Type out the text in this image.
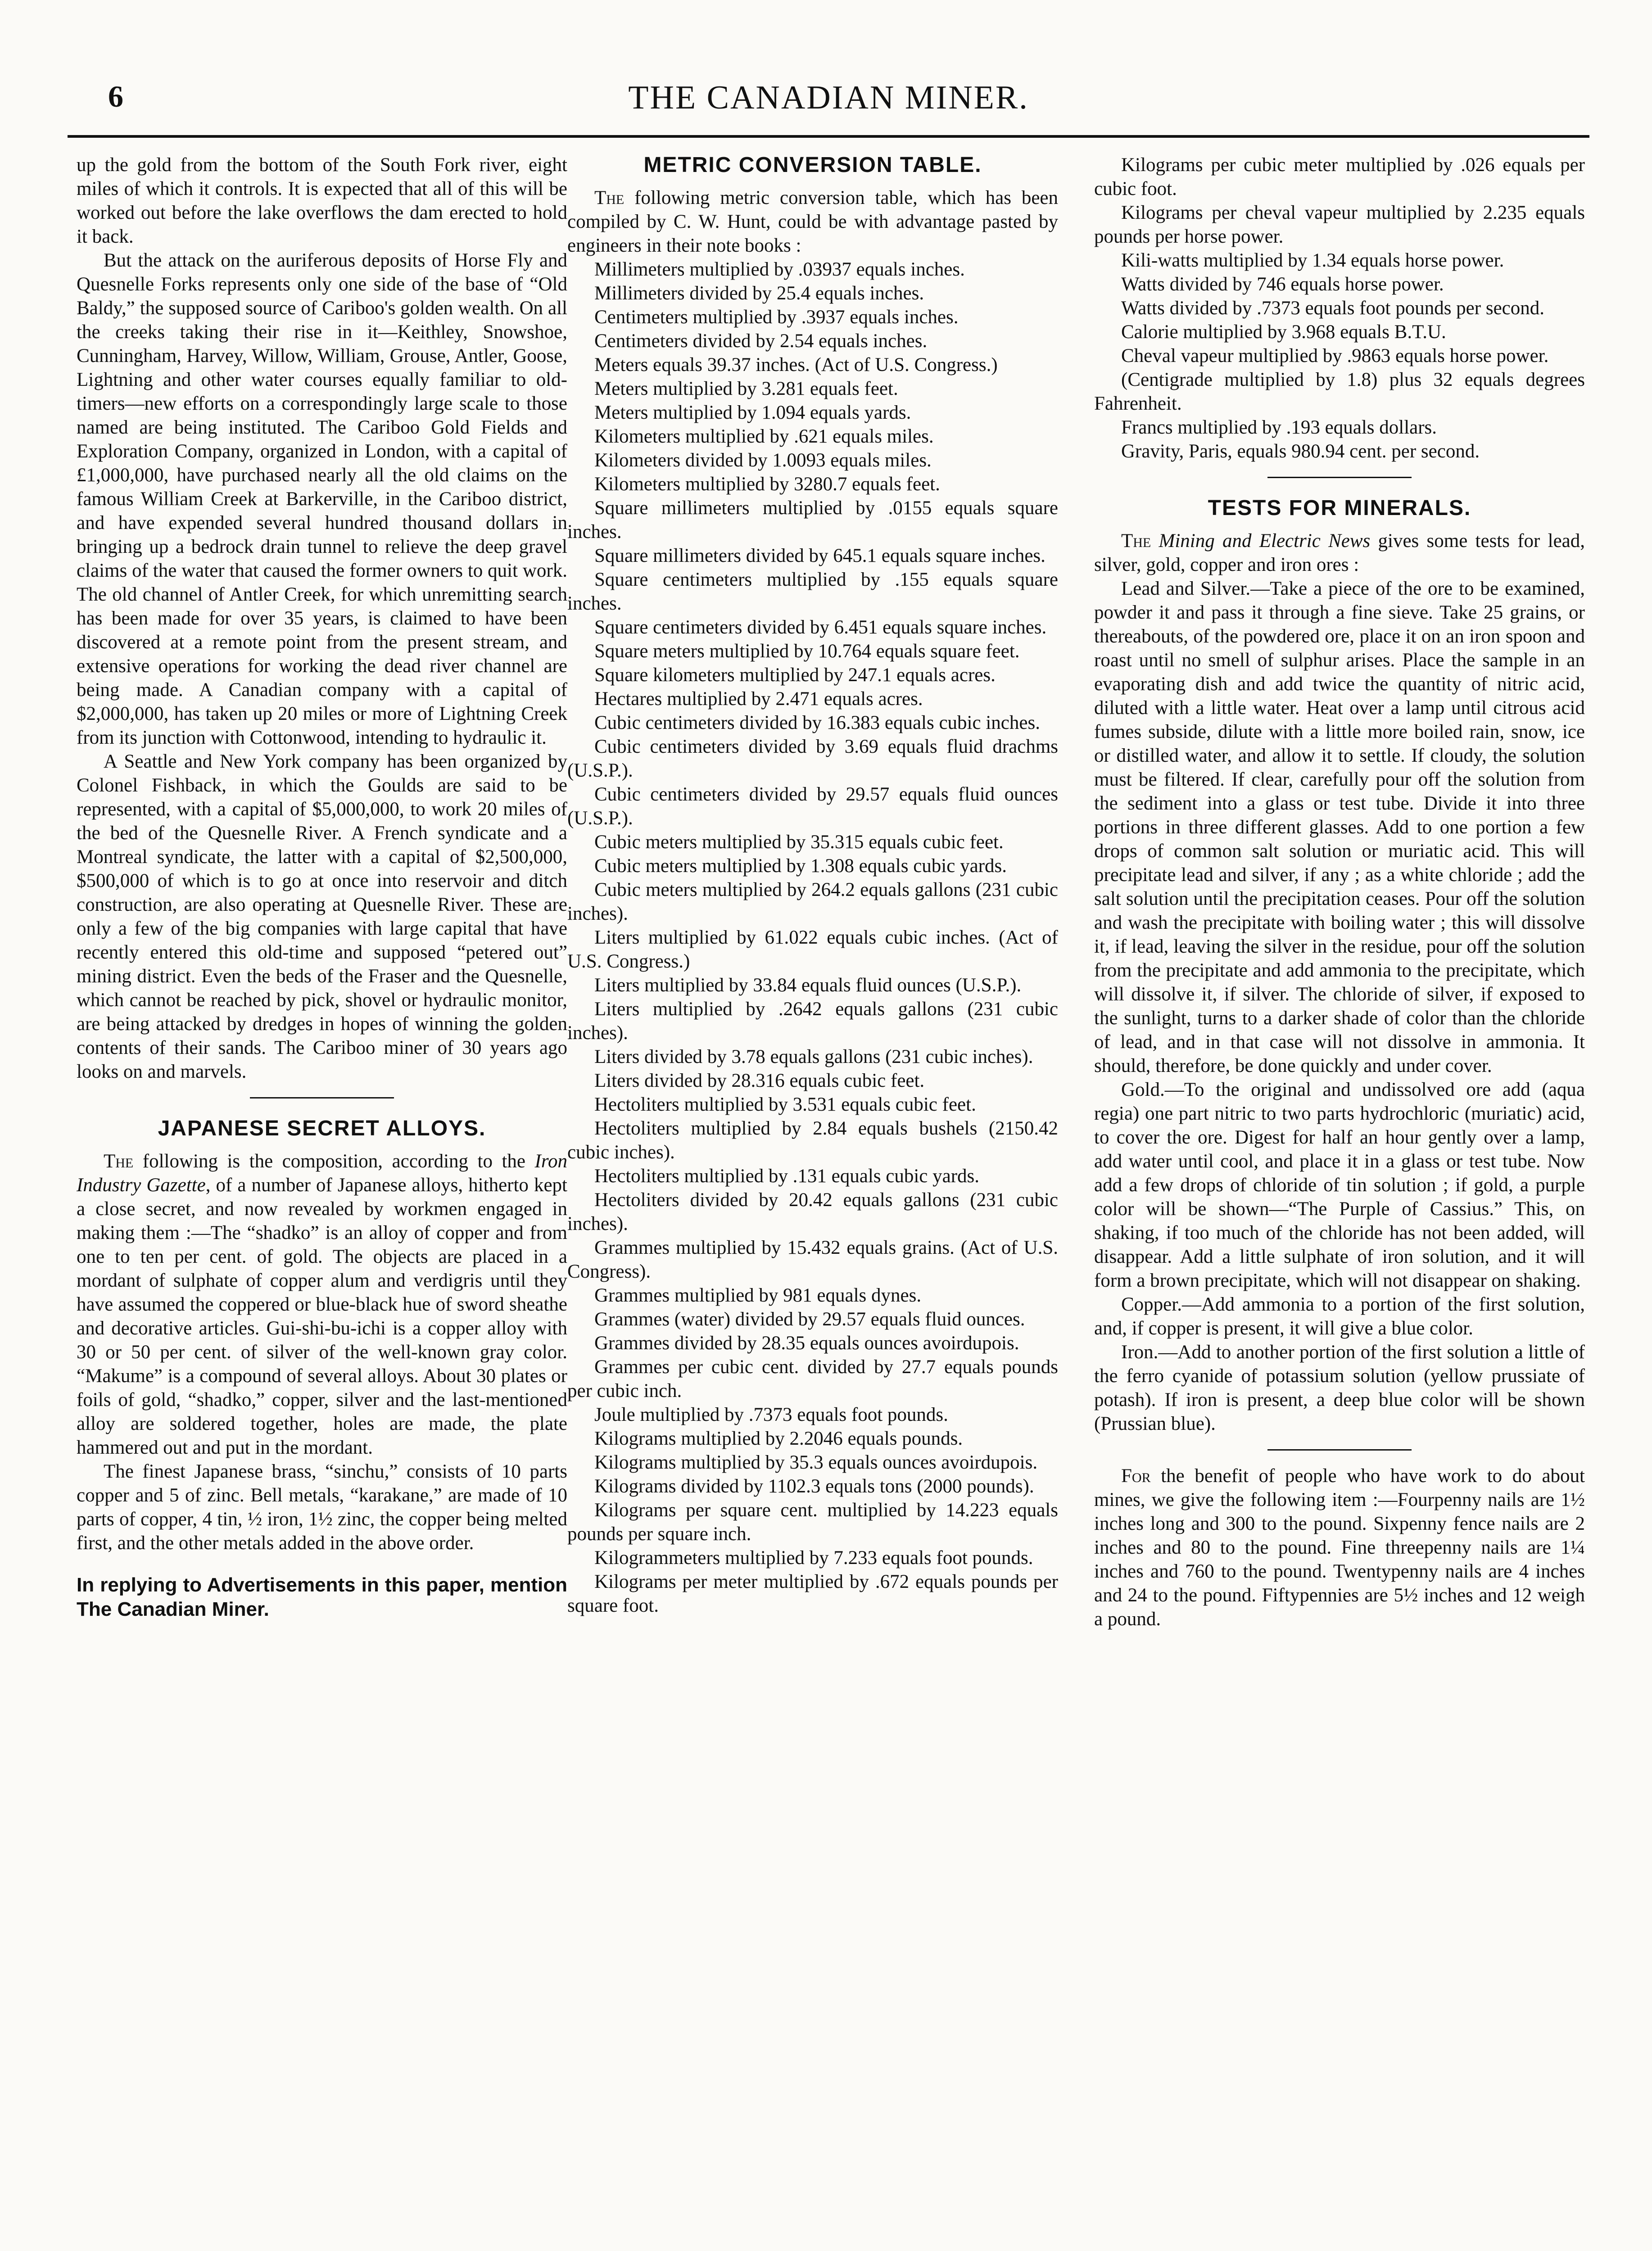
6	THE CANADIAN MINER.

up the gold from the bottom of the South Fork river, eight miles of which it controls. It is expected that all of this will be worked out before the lake overflows the dam erected to hold it back.

But the attack on the auriferous deposits of Horse Fly and Quesnelle Forks represents only one side of the base of “Old Baldy,” the supposed source of Cariboo's golden wealth. On all the creeks taking their rise in it—Keithley, Snowshoe, Cunningham, Harvey, Willow, William, Grouse, Antler, Goose, Lightning and other water courses equally familiar to old-timers—new efforts on a correspondingly large scale to those named are being instituted. The Cariboo Gold Fields and Exploration Company, organized in London, with a capital of £1,000,000, have purchased nearly all the old claims on the famous William Creek at Barkerville, in the Cariboo district, and have expended several hundred thousand dollars in bringing up a bedrock drain tunnel to relieve the deep gravel claims of the water that caused the former owners to quit work. The old channel of Antler Creek, for which unremitting search has been made for over 35 years, is claimed to have been discovered at a remote point from the present stream, and extensive operations for working the dead river channel are being made. A Canadian company with a capital of $2,000,000, has taken up 20 miles or more of Lightning Creek from its junction with Cottonwood, intending to hydraulic it.

A Seattle and New York company has been organized by Colonel Fishback, in which the Goulds are said to be represented, with a capital of $5,000,000, to work 20 miles of the bed of the Quesnelle River. A French syndicate and a Montreal syndicate, the latter with a capital of $2,500,000, $500,000 of which is to go at once into reservoir and ditch construction, are also operating at Quesnelle River. These are only a few of the big companies with large capital that have recently entered this old-time and supposed “petered out” mining district. Even the beds of the Fraser and the Quesnelle, which cannot be reached by pick, shovel or hydraulic monitor, are being attacked by dredges in hopes of winning the golden contents of their sands. The Cariboo miner of 30 years ago looks on and marvels.

JAPANESE SECRET ALLOYS.

The following is the composition, according to the Iron Industry Gazette, of a number of Japanese alloys, hitherto kept a close secret, and now revealed by workmen engaged in making them :—The “shadko” is an alloy of copper and from one to ten per cent. of gold. The objects are placed in a mordant of sulphate of copper alum and verdigris until they have assumed the coppered or blue-black hue of sword sheathe and decorative articles. Gui-shi-bu-ichi is a copper alloy with 30 or 50 per cent. of silver of the well-known gray color. “Makume” is a compound of several alloys. About 30 plates or foils of gold, “shadko,” copper, silver and the last-mentioned alloy are soldered together, holes are made, the plate hammered out and put in the mordant.

The finest Japanese brass, “sinchu,” consists of 10 parts copper and 5 of zinc. Bell metals, “karakane,” are made of 10 parts of copper, 4 tin, ½ iron, 1½ zinc, the copper being melted first, and the other metals added in the above order.

In replying to Advertisements in this paper, mention The Canadian Miner.
METRIC CONVERSION TABLE.

The following metric conversion table, which has been compiled by C. W. Hunt, could be with advantage pasted by engineers in their note books :

Millimeters multiplied by .03937 equals inches.

Millimeters divided by 25.4 equals inches.

Centimeters multiplied by .3937 equals inches.

Centimeters divided by 2.54 equals inches.

Meters equals 39.37 inches. (Act of U.S. Congress.)

Meters multiplied by 3.281 equals feet.

Meters multiplied by 1.094 equals yards.

Kilometers multiplied by .621 equals miles.

Kilometers divided by 1.0093 equals miles.

Kilometers multiplied by 3280.7 equals feet.

Square millimeters multiplied by .0155 equals square inches.

Square millimeters divided by 645.1 equals square inches.

Square centimeters multiplied by .155 equals square inches.

Square centimeters divided by 6.451 equals square inches.

Square meters multiplied by 10.764 equals square feet.

Square kilometers multiplied by 247.1 equals acres.

Hectares multiplied by 2.471 equals acres.

Cubic centimeters divided by 16.383 equals cubic inches.

Cubic centimeters divided by 3.69 equals fluid drachms (U.S.P.).

Cubic centimeters divided by 29.57 equals fluid ounces (U.S.P.).

Cubic meters multiplied by 35.315 equals cubic feet.

Cubic meters multiplied by 1.308 equals cubic yards.

Cubic meters multiplied by 264.2 equals gallons (231 cubic inches).

Liters multiplied by 61.022 equals cubic inches. (Act of U.S. Congress.)

Liters multiplied by 33.84 equals fluid ounces (U.S.P.).

Liters multiplied by .2642 equals gallons (231 cubic inches).

Liters divided by 3.78 equals gallons (231 cubic inches).

Liters divided by 28.316 equals cubic feet.

Hectoliters multiplied by 3.531 equals cubic feet.

Hectoliters multiplied by 2.84 equals bushels (2150.42 cubic inches).

Hectoliters multiplied by .131 equals cubic yards.

Hectoliters divided by 20.42 equals gallons (231 cubic inches).

Grammes multiplied by 15.432 equals grains. (Act of U.S. Congress).

Grammes multiplied by 981 equals dynes.

Grammes (water) divided by 29.57 equals fluid ounces.

Grammes divided by 28.35 equals ounces avoirdupois.

Grammes per cubic cent. divided by 27.7 equals pounds per cubic inch.

Joule multiplied by .7373 equals foot pounds.

Kilograms multiplied by 2.2046 equals pounds.

Kilograms multiplied by 35.3 equals ounces avoirdupois.

Kilograms divided by 1102.3 equals tons (2000 pounds).

Kilograms per square cent. multiplied by 14.223 equals pounds per square inch.

Kilogrammeters multiplied by 7.233 equals foot pounds.

Kilograms per meter multiplied by .672 equals pounds per square foot.

Kilograms per cubic meter multiplied by .026 equals per cubic foot.

Kilograms per cheval vapeur multiplied by 2.235 equals pounds per horse power.

Kili-watts multiplied by 1.34 equals horse power.

Watts divided by 746 equals horse power.

Watts divided by .7373 equals foot pounds per second.

Calorie multiplied by 3.968 equals B.T.U.

Cheval vapeur multiplied by .9863 equals horse power.

(Centigrade multiplied by 1.8) plus 32 equals degrees Fahrenheit.

Francs multiplied by .193 equals dollars.

Gravity, Paris, equals 980.94 cent. per second.

TESTS FOR MINERALS.

The Mining and Electric News gives some tests for lead, silver, gold, copper and iron ores :

Lead and Silver.—Take a piece of the ore to be examined, powder it and pass it through a fine sieve. Take 25 grains, or thereabouts, of the powdered ore, place it on an iron spoon and roast until no smell of sulphur arises. Place the sample in an evaporating dish and add twice the quantity of nitric acid, diluted with a little water. Heat over a lamp until citrous acid fumes subside, dilute with a little more boiled rain, snow, ice or distilled water, and allow it to settle. If cloudy, the solution must be filtered. If clear, carefully pour off the solution from the sediment into a glass or test tube. Divide it into three portions in three different glasses. Add to one portion a few drops of common salt solution or muriatic acid. This will precipitate lead and silver, if any ; as a white chloride ; add the salt solution until the precipitation ceases. Pour off the solution and wash the precipitate with boiling water ; this will dissolve it, if lead, leaving the silver in the residue, pour off the solution from the precipitate and add ammonia to the precipitate, which will dissolve it, if silver. The chloride of silver, if exposed to the sunlight, turns to a darker shade of color than the chloride of lead, and in that case will not dissolve in ammonia. It should, therefore, be done quickly and under cover.

Gold.—To the original and undissolved ore add (aqua regia) one part nitric to two parts hydrochloric (muriatic) acid, to cover the ore. Digest for half an hour gently over a lamp, add water until cool, and place it in a glass or test tube. Now add a few drops of chloride of tin solution ; if gold, a purple color will be shown—“The Purple of Cassius.” This, on shaking, if too much of the chloride has not been added, will disappear. Add a little sulphate of iron solution, and it will form a brown precipitate, which will not disappear on shaking.

Copper.—Add ammonia to a portion of the first solution, and, if copper is present, it will give a blue color.

Iron.—Add to another portion of the first solution a little of the ferro cyanide of potassium solution (yellow prussiate of potash). If iron is present, a deep blue color will be shown (Prussian blue).

For the benefit of people who have work to do about mines, we give the following item :—Fourpenny nails are 1½ inches long and 300 to the pound. Sixpenny fence nails are 2 inches and 80 to the pound. Fine threepenny nails are 1¼ inches and 760 to the pound. Twentypenny nails are 4 inches and 24 to the pound. Fiftypennies are 5½ inches and 12 weigh a pound.
